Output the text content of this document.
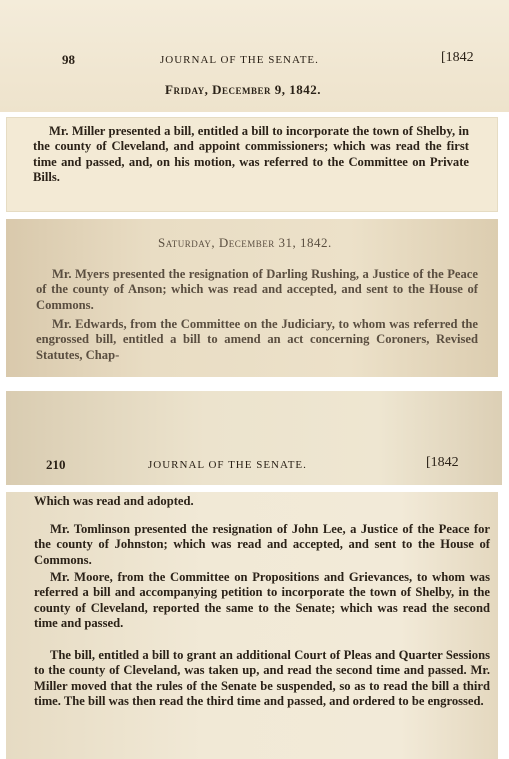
98	JOURNAL OF THE SENATE.	[1842
Friday, December 9, 1842.

Mr. Miller presented a bill, entitled a bill to incorporate the town of Shelby, in the county of Cleveland, and appoint commissioners; which was read the first time and passed, and, on his motion, was referred to the Committee on Private Bills.

Saturday, December 31, 1842.

Mr. Myers presented the resignation of Darling Rushing, a Justice of the Peace of the county of Anson; which was read and accepted, and sent to the House of Commons.

Mr. Edwards, from the Committee on the Judiciary, to whom was referred the engrossed bill, entitled a bill to amend an act concerning Coroners, Revised Statutes, Chap-

210	JOURNAL OF THE SENATE.	[1842

Which was read and adopted.

Mr. Tomlinson presented the resignation of John Lee, a Justice of the Peace for the county of Johnston; which was read and accepted, and sent to the House of Commons.

Mr. Moore, from the Committee on Propositions and Grievances, to whom was referred a bill and accompanying petition to incorporate the town of Shelby, in the county of Cleveland, reported the same to the Senate; which was read the second time and passed.

The bill, entitled a bill to grant an additional Court of Pleas and Quarter Sessions to the county of Cleveland, was taken up, and read the second time and passed. Mr. Miller moved that the rules of the Senate be suspended, so as to read the bill a third time. The bill was then read the third time and passed, and ordered to be engrossed.
